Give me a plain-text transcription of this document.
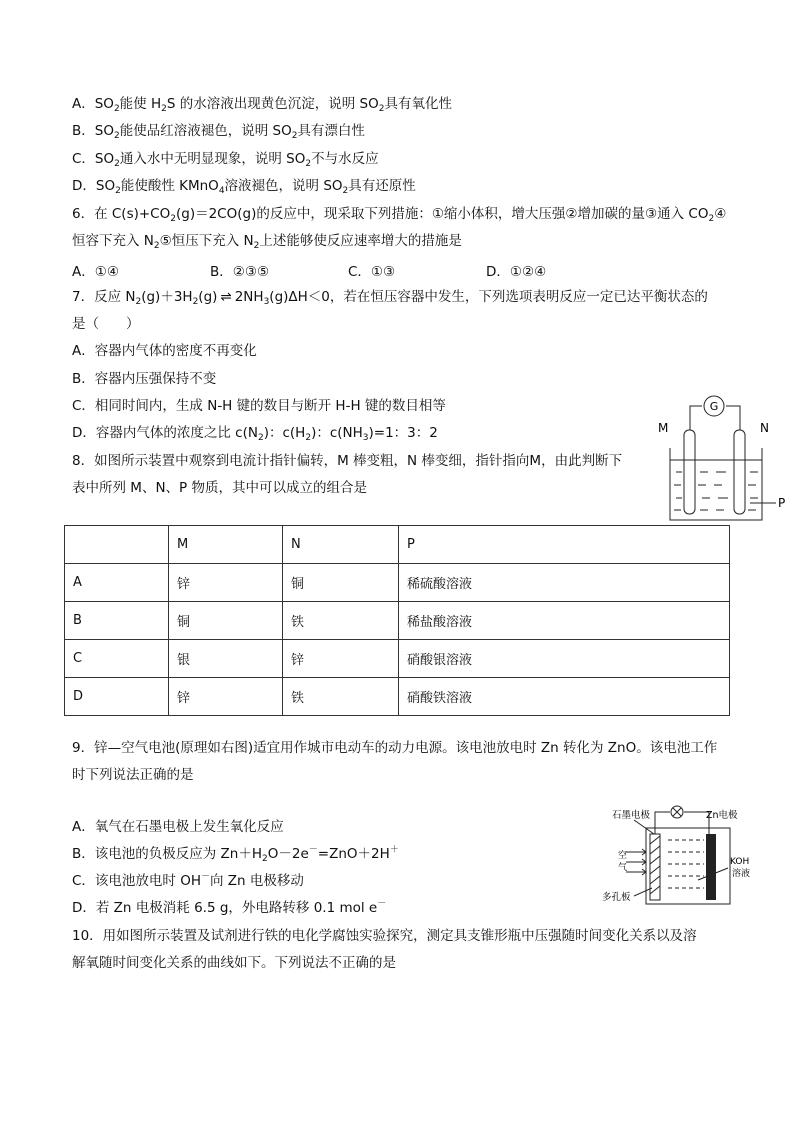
A．$SO_2$能使 $H_2S$ 的水溶液出现黄色沉淀，说明 $SO_2$具有氧化性
B．$SO_2$能使品红溶液褪色，说明 $SO_2$具有漂白性
C．$SO_2$通入水中无明显现象，说明 $SO_2$不与水反应
D．$SO_2$能使酸性 KMnO$_4$溶液褪色，说明 $SO_2$具有还原性
6．在 $C(s)+CO_2(g)=2CO(g)$的反应中，现采取下列措施：①缩小体积，增大压强②增加碳的量③通入 $CO_2④$
恒容下充入 $N_2⑤$恒压下充入 $N_2$上述能够使反应速率增大的措施是
A．①④	B．②③⑤	C．①③	D．①②④
7．反应 $N_2(g)+3H_2(g)$ ⇌ $2NH_3(g)\Delta H<0$，若在恒压容器中发生，下列选项表明反应一定已达平衡状态的
是（　　）
A．容器内气体的密度不再变化
B．容器内压强保持不变
C．相同时间内，生成 N-H 键的数目与断开 H-H 键的数目相等
D．容器内气体的浓度之比 $c(N_2)$：$c(H_2)$：$c(NH_3)=1$：3：2
8．如图所示装置中观察到电流计指针偏转，M 棒变粗，N 棒变细，指针指向M，由此判断下
表中所列 M、N、P 物质，其中可以成立的组合是
G
M	N
P
	M	N	P
A	锌	铜	稀硫酸溶液
B	铜	铁	稀盐酸溶液
C	银	锌	硝酸银溶液
D	锌	铁	硝酸铁溶液
9．锌—空气电池(原理如右图)适宜用作城市电动车的动力电源。该电池放电时 Zn 转化为 ZnO。该电池工作
时下列说法正确的是
A．氧气在石墨电极上发生氧化反应
B．该电池的负极反应为 $Zn+H_2O-2e^-=ZnO+2H^+$
C．该电池放电时 OH－向 Zn 电极移动
D．若 Zn 电极消耗 6.5 g，外电路转移 0.1 mol e－
石墨电极	Zn电极
空
气
KOH
溶液
多孔板
10．用如图所示装置及试剂进行铁的电化学腐蚀实验探究，测定具支锥形瓶中压强随时间变化关系以及溶
解氧随时间变化关系的曲线如下。下列说法不正确的是
